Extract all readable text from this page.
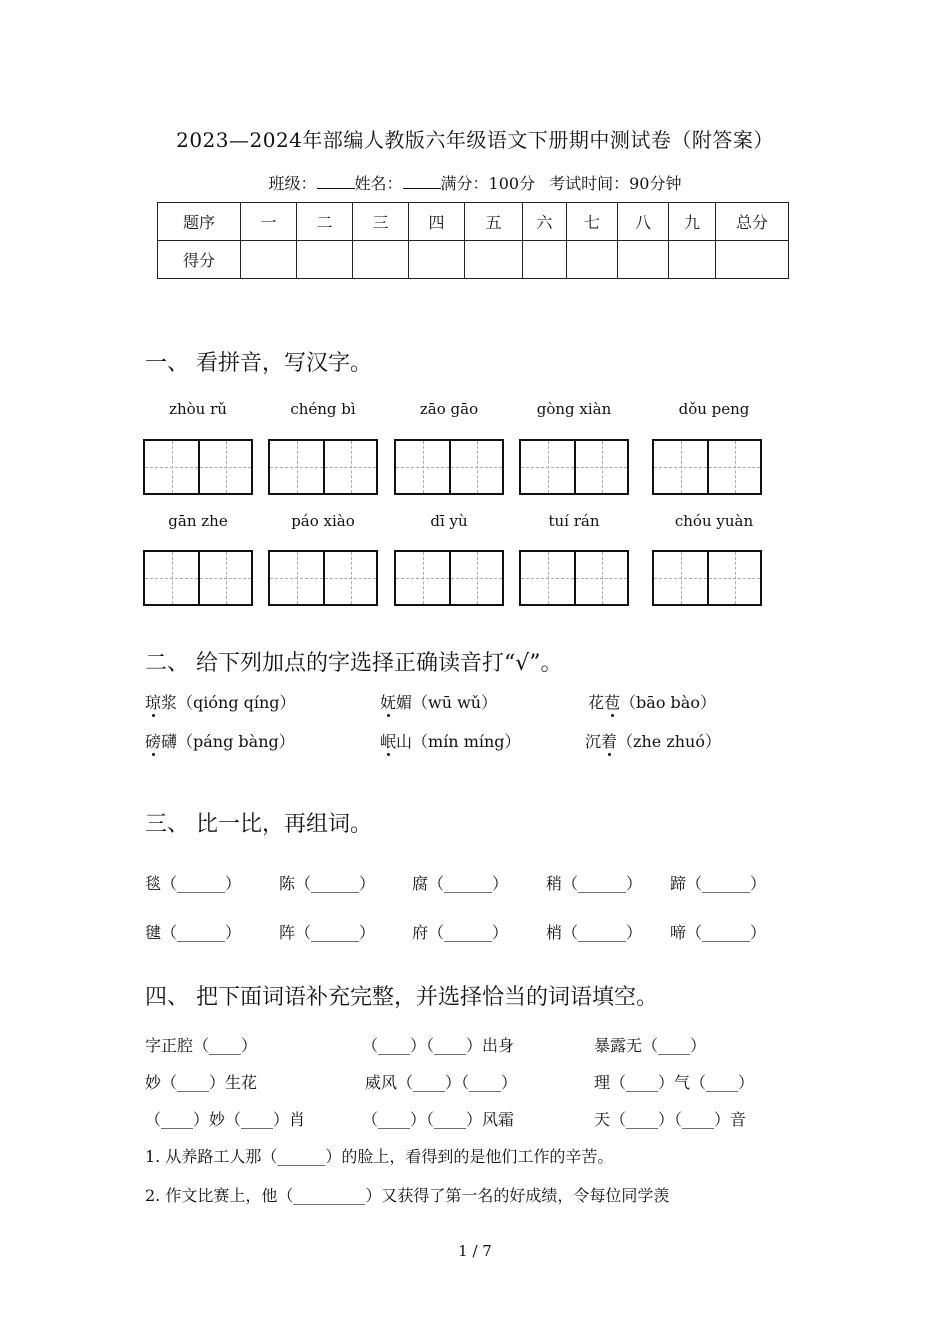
2023—2024年部编人教版六年级语文下册期中测试卷（附答案）
班级： 姓名： 满分：100分 考试时间：90分钟
题序	一	二	三	四	五	六	七	八	九	总分
得分										
一、 看拼音，写汉字。
zhòu rǔ	chéng bì	zāo gāo	gòng xiàn	dǒu peng
gān zhe	páo xiào	dī yù	tuí rán	chóu yuàn
二、 给下列加点的字选择正确读音打“√”。
琼浆（qióng qíng）	妩媚（wū wǔ）	花苞（bāo bào）
磅礴（páng bàng）	岷山（mín míng）	沉着（zhe zhuó）
三、 比一比，再组词。
毯（______） 陈（______） 腐（______） 稍（______） 蹄（______）
毽（______） 阵（______） 府（______） 梢（______） 啼（______）
四、 把下面词语补充完整，并选择恰当的词语填空。
字正腔（____）	（____）（____）出身	暴露无（____）
妙（____）生花	威风（____）（____）	理（____）气（____）
（____）妙（____）肖	（____）（____）风霜	天（____）（____）音
1. 从养路工人那（______）的脸上，看得到的是他们工作的辛苦。
2. 作文比赛上，他（_________）又获得了第一名的好成绩，令每位同学羡
1 / 7
